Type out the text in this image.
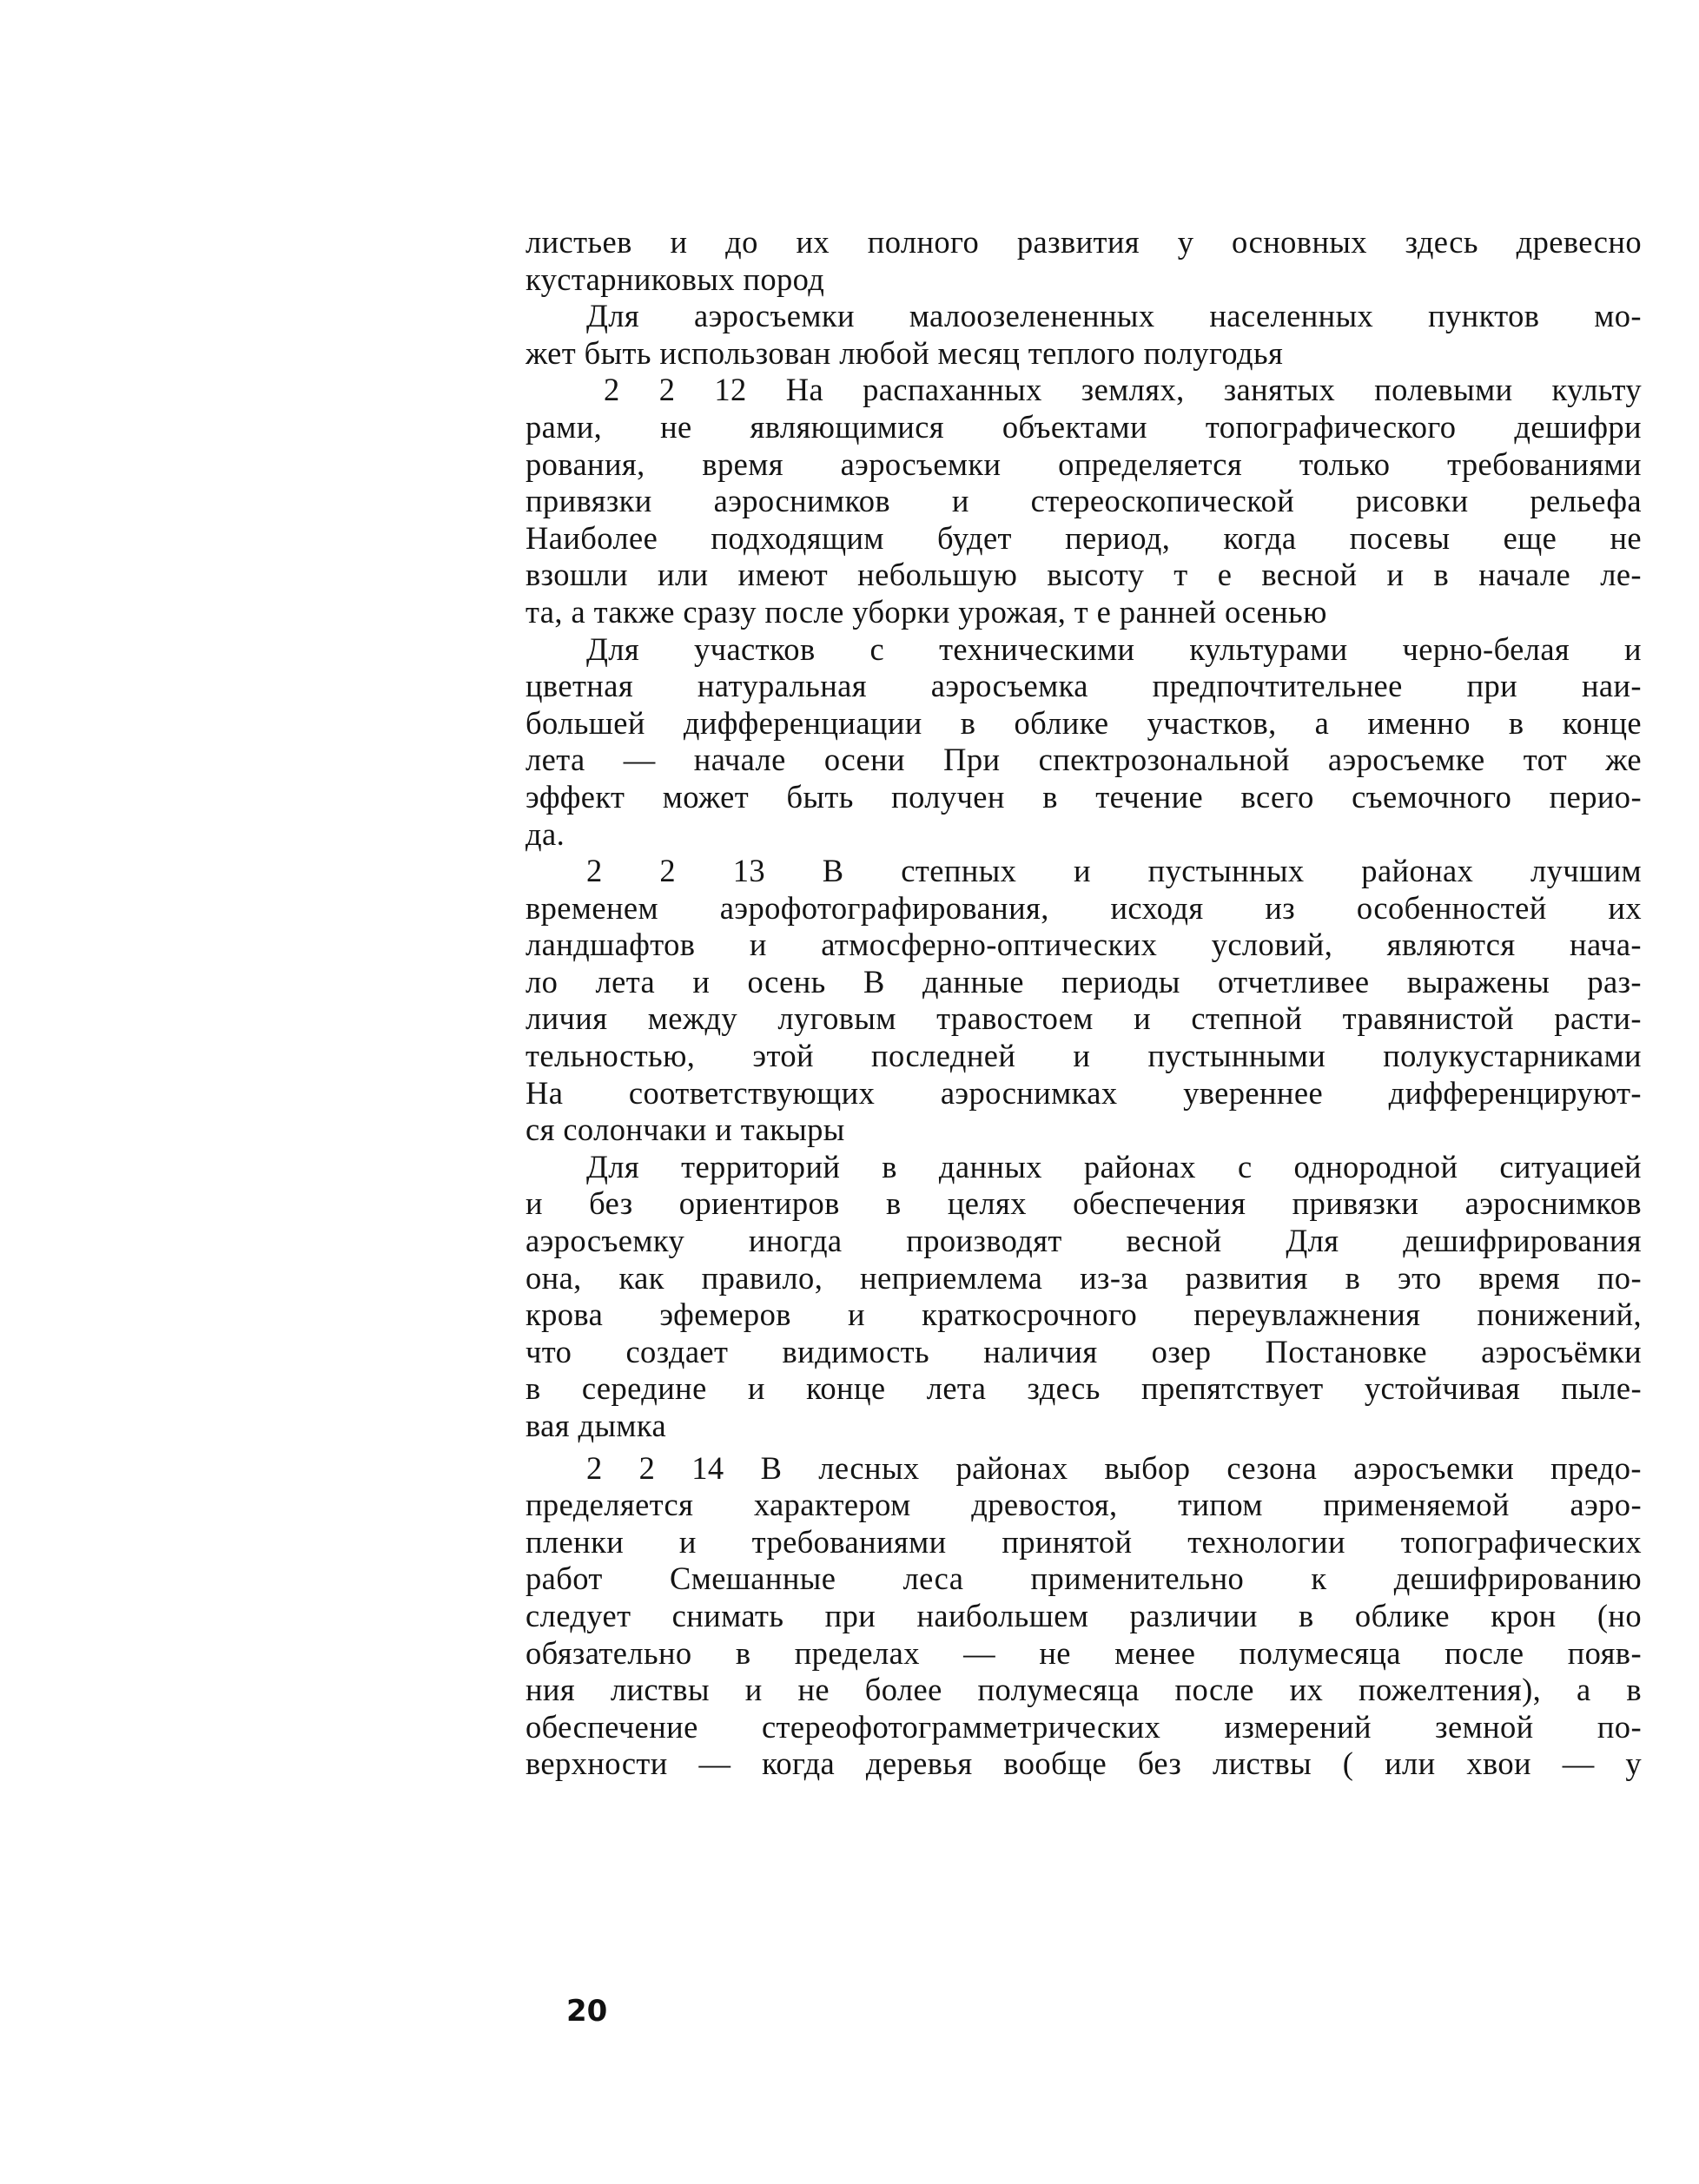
листьев и до их полного развития у основных здесь древесно
кустарниковых пород
Для аэросъемки малоозелененных населенных пунктов мо-
жет быть использован любой месяц теплого полугодья
2 2 12 На распаханных землях, занятых полевыми культу
рами, не являющимися объектами топографического дешифри
рования, время аэросъемки определяется только требованиями
привязки аэроснимков и стереоскопической рисовки рельефа
Наиболее подходящим будет период, когда посевы еще не
взошли или имеют небольшую высоту т е весной и в начале ле-
та, а также сразу после уборки урожая, т е ранней осенью
Для участков с техническими культурами черно-белая и
цветная натуральная аэросъемка предпочтительнее при наи-
большей дифференциации в облике участков, а именно в конце
лета — начале осени При спектрозональной аэросъемке тот же
эффект может быть получен в течение всего съемочного перио-
да.
2 2 13 В степных и пустынных районах лучшим
временем аэрофотографирования, исходя из особенностей их
ландшафтов и атмосферно-оптических условий, являются нача-
ло лета и осень В данные периоды отчетливее выражены раз-
личия между луговым травостоем и степной травянистой расти-
тельностью, этой последней и пустынными полукустарниками
На соответствующих аэроснимках увереннее дифференцируют-
ся солончаки и такыры
Для территорий в данных районах с однородной ситуацией
и без ориентиров в целях обеспечения привязки аэроснимков
аэросъемку иногда производят весной Для дешифрирования
она, как правило, неприемлема из-за развития в это время по-
крова эфемеров и краткосрочного переувлажнения понижений,
что создает видимость наличия озер Постановке аэросъёмки
в середине и конце лета здесь препятствует устойчивая пыле-
вая дымка
2 2 14 В лесных районах выбор сезона аэросъемки предо-
пределяется характером древостоя, типом применяемой аэро-
пленки и требованиями принятой технологии топографических
работ Смешанные леса применительно к дешифрированию
следует снимать при наибольшем различии в облике крон (но
обязательно в пределах — не менее полумесяца после появ-
ния листвы и не более полумесяца после их пожелтения), а в
обеспечение стереофотограмметрических измерений земной по-
верхности — когда деревья вообще без листвы ( или хвои — у
20
